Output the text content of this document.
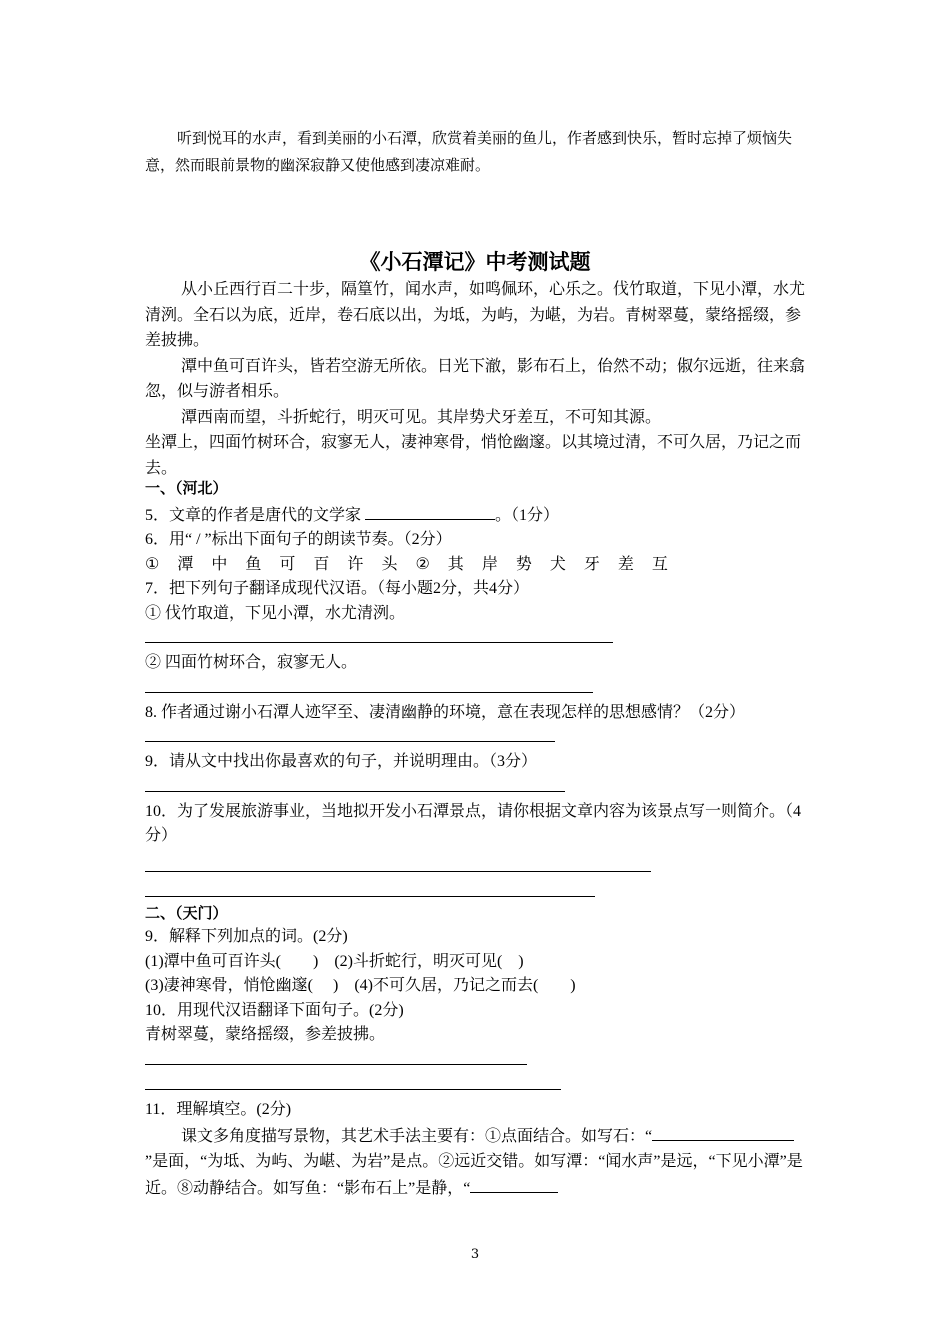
听到悦耳的水声，看到美丽的小石潭，欣赏着美丽的鱼儿，作者感到快乐，暂时忘掉了烦恼失意，然而眼前景物的幽深寂静又使他感到凄凉难耐。
《小石潭记》中考测试题

从小丘西行百二十步，隔篁竹，闻水声，如鸣佩环，心乐之。伐竹取道，下见小潭，水尤清洌。全石以为底，近岸，卷石底以出，为坻，为屿，为嵁，为岩。青树翠蔓，蒙络摇缀，参差披拂。

潭中鱼可百许头，皆若空游无所依。日光下澈，影布石上，佁然不动；俶尔远逝，往来翕忽，似与游者相乐。

潭西南而望，斗折蛇行，明灭可见。其岸势犬牙差互，不可知其源。

坐潭上，四面竹树环合，寂寥无人，凄神寒骨，悄怆幽邃。以其境过清，不可久居，乃记之而去。

一、（河北）

5．文章的作者是唐代的文学家	。（1分）

6．用“ / ”标出下面句子的朗读节奏。（2分）

① 潭 中 鱼 可 百 许 头 ② 其 岸 势 犬 牙 差 互

7．把下列句子翻译成现代汉语。（每小题2分，共4分）

① 伐竹取道，下见小潭，水尤清洌。

② 四面竹树环合，寂寥无人。

8. 作者通过谢小石潭人迹罕至、凄清幽静的环境，意在表现怎样的思想感情？（2分）

9．请从文中找出你最喜欢的句子，并说明理由。（3分）

10．为了发展旅游事业，当地拟开发小石潭景点，请你根据文章内容为该景点写一则简介。（4分）

二、（天门）

9．解释下列加点的词。(2分)

(1)潭中鱼可百许头(        )    (2)斗折蛇行，明灭可见(    )

(3)凄神寒骨，悄怆幽邃(     )    (4)不可久居，乃记之而去(        )

10．用现代汉语翻译下面句子。(2分)

青树翠蔓，蒙络摇缀，参差披拂。

11．理解填空。(2分)

课文多角度描写景物，其艺术手法主要有：①点面结合。如写石：“”是面，“为坻、为屿、为嵁、为岩”是点。②远近交错。如写潭：“闻水声”是远，“下见小潭”是近。⑧动静结合。如写鱼：“影布石上”是静，“

3
